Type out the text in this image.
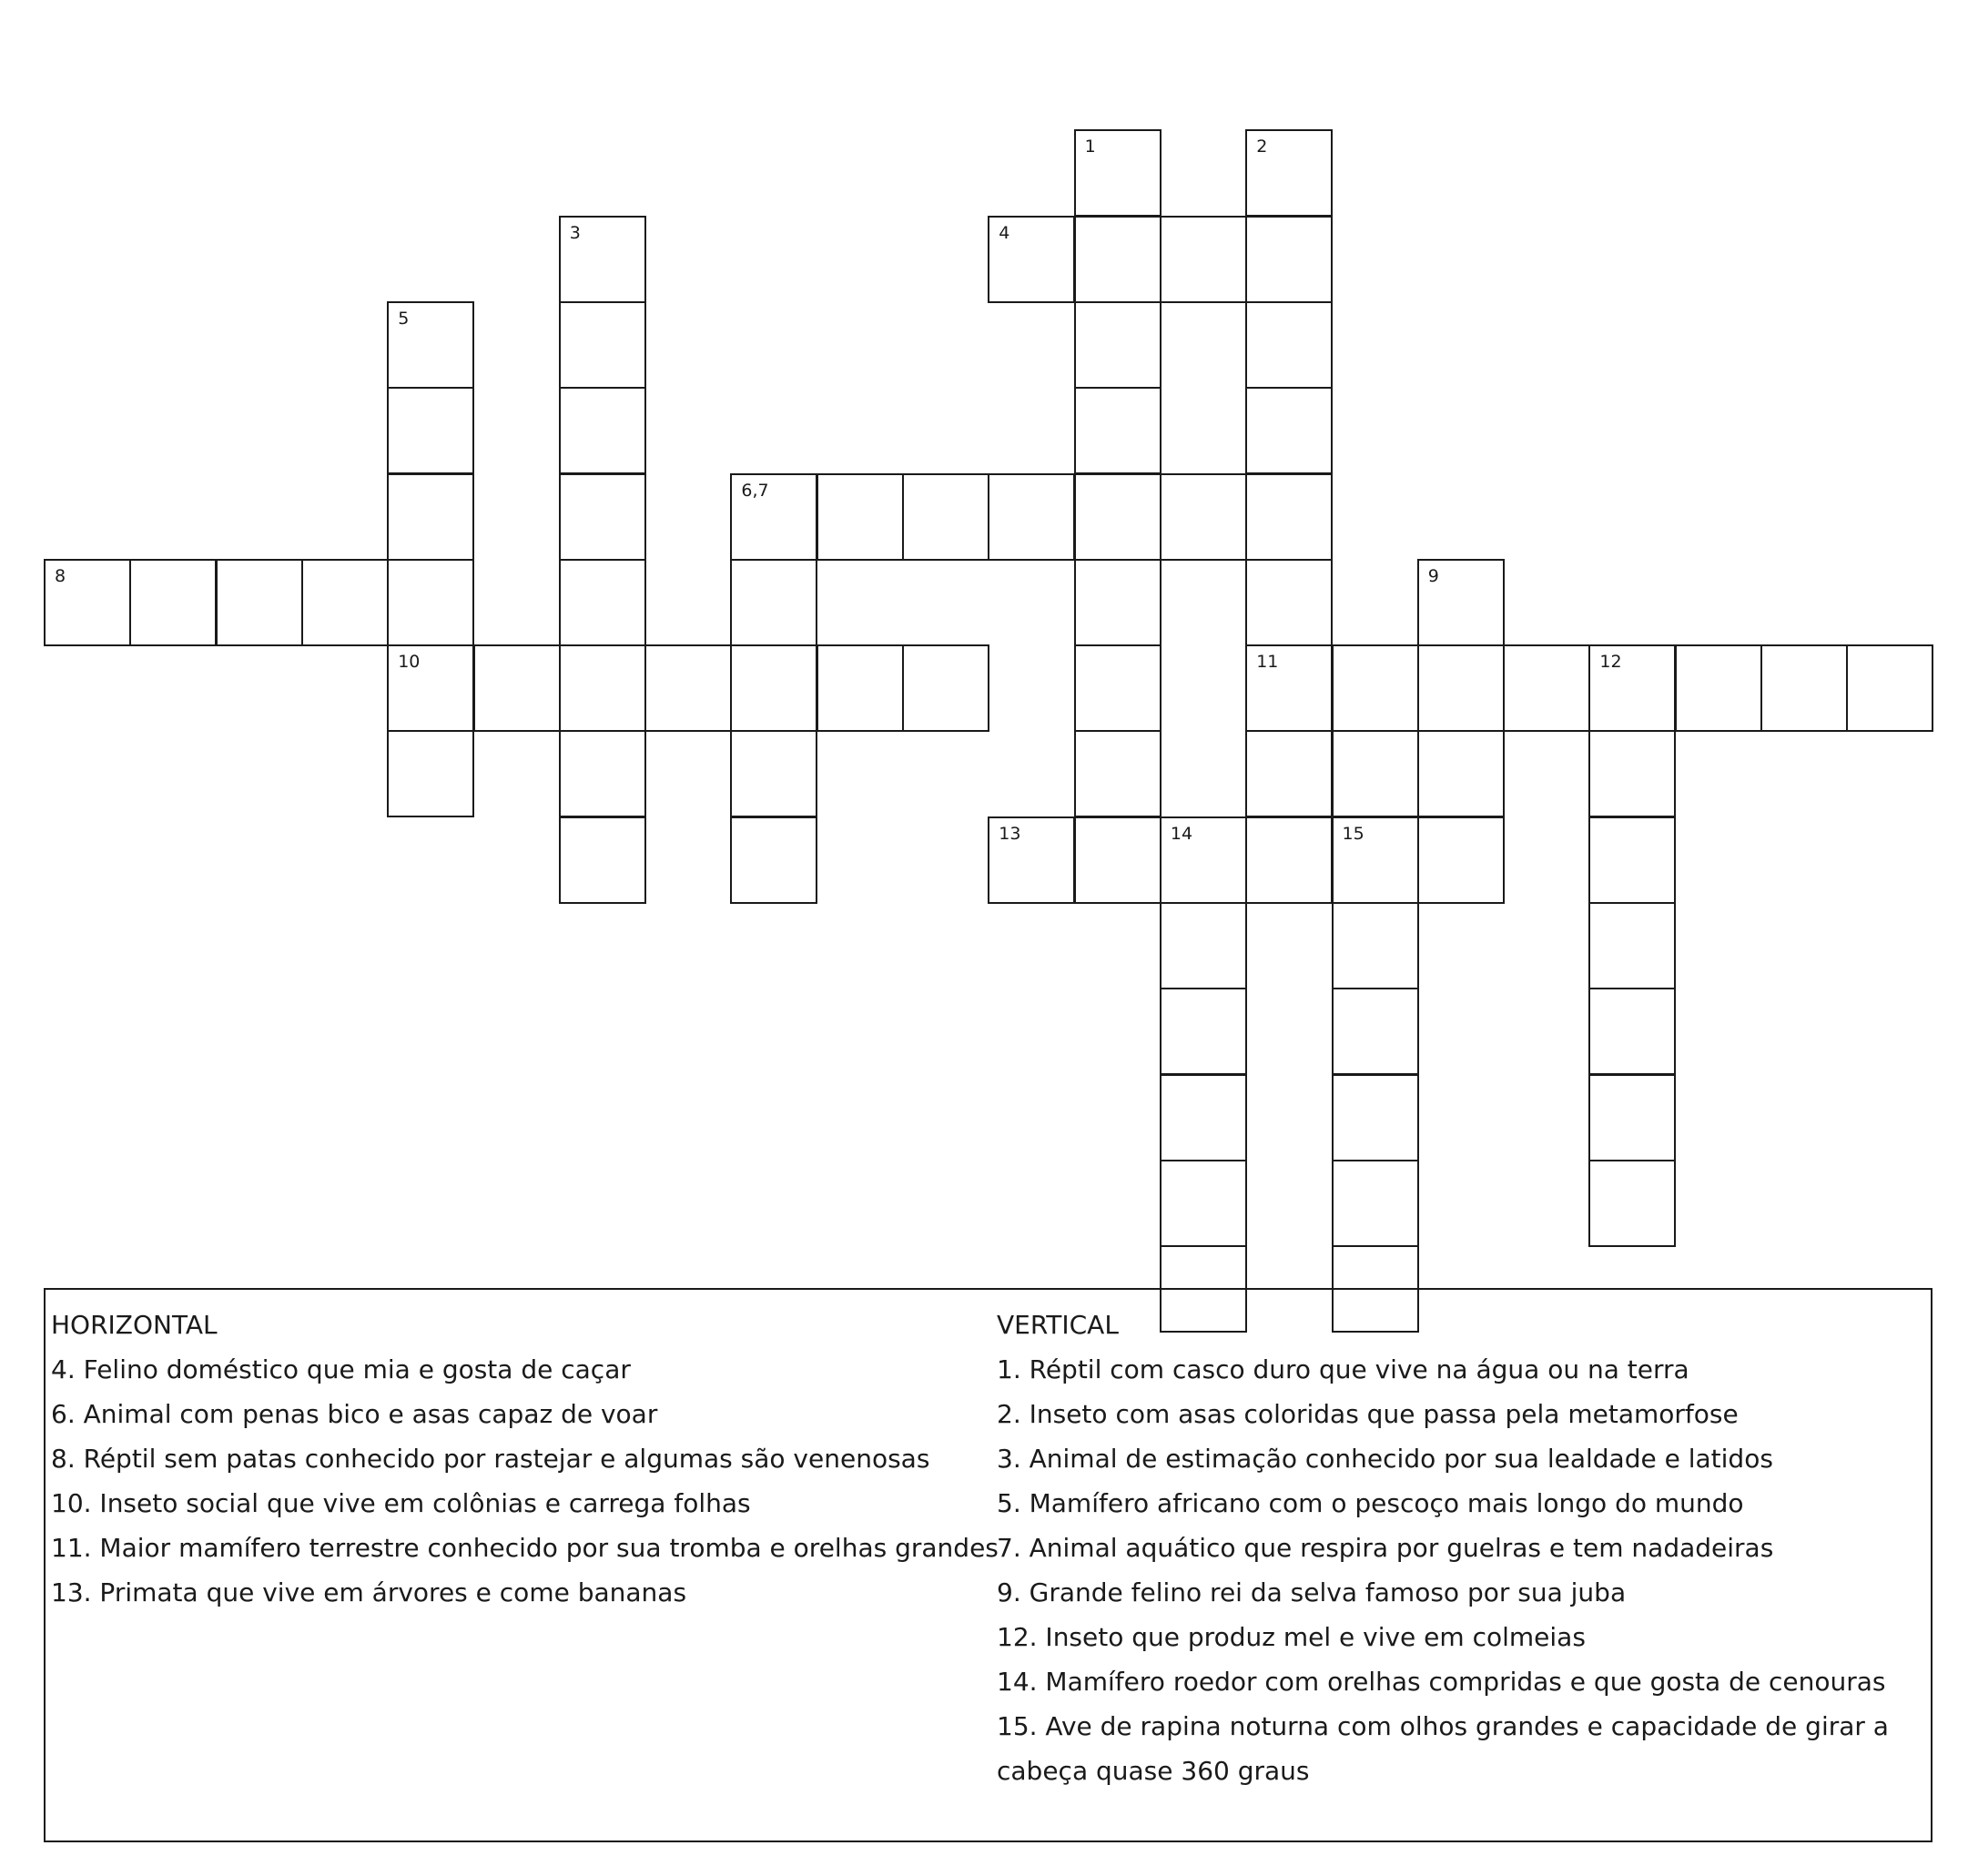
1	2
3	4
5
6,7
8	9
10	11	12
13	14	15
HORIZONTAL
4. Felino doméstico que mia e gosta de caçar
6. Animal com penas bico e asas capaz de voar
8. Réptil sem patas conhecido por rastejar e algumas são venenosas
10. Inseto social que vive em colônias e carrega folhas
11. Maior mamífero terrestre conhecido por sua tromba e orelhas grandes
13. Primata que vive em árvores e come bananas
VERTICAL
1. Réptil com casco duro que vive na água ou na terra
2. Inseto com asas coloridas que passa pela metamorfose
3. Animal de estimação conhecido por sua lealdade e latidos
5. Mamífero africano com o pescoço mais longo do mundo
7. Animal aquático que respira por guelras e tem nadadeiras
9. Grande felino rei da selva famoso por sua juba
12. Inseto que produz mel e vive em colmeias
14. Mamífero roedor com orelhas compridas e que gosta de cenouras
15. Ave de rapina noturna com olhos grandes e capacidade de girar a cabeça quase 360 graus
